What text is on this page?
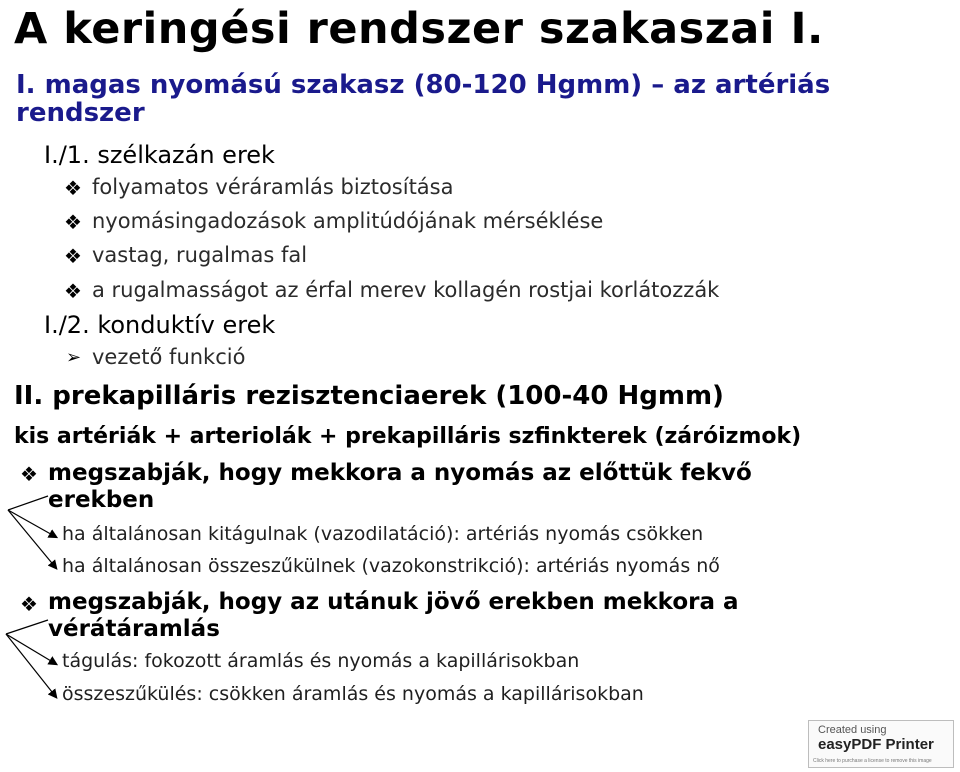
A keringési rendszer szakaszai I.
I. magas nyomású szakasz (80-120 Hgmm) – az artériás
rendszer
I./1. szélkazán erek
❖ folyamatos véráramlás biztosítása
❖ nyomásingadozások amplitúdójának mérséklése
❖ vastag, rugalmas fal
❖ a rugalmasságot az érfal merev kollagén rostjai korlátozzák
I./2. konduktív erek
➢ vezető funkció
II. prekapilláris rezisztenciaerek (100-40 Hgmm)
kis artériák + arteriolák + prekapilláris szfinkterek (záróizmok)
❖ megszabják, hogy mekkora a nyomás az előttük fekvő
erekben
ha általánosan kitágulnak (vazodilatáció): artériás nyomás csökken
ha általánosan összeszűkülnek (vazokonstrikció): artériás nyomás nő
❖ megszabják, hogy az utánuk jövő erekben mekkora a
vérátáramlás
tágulás: fokozott áramlás és nyomás a kapillárisokban
összeszűkülés: csökken áramlás és nyomás a kapillárisokban
Created using
easyPDF Printer
Click here to purchase a license to remove this image
